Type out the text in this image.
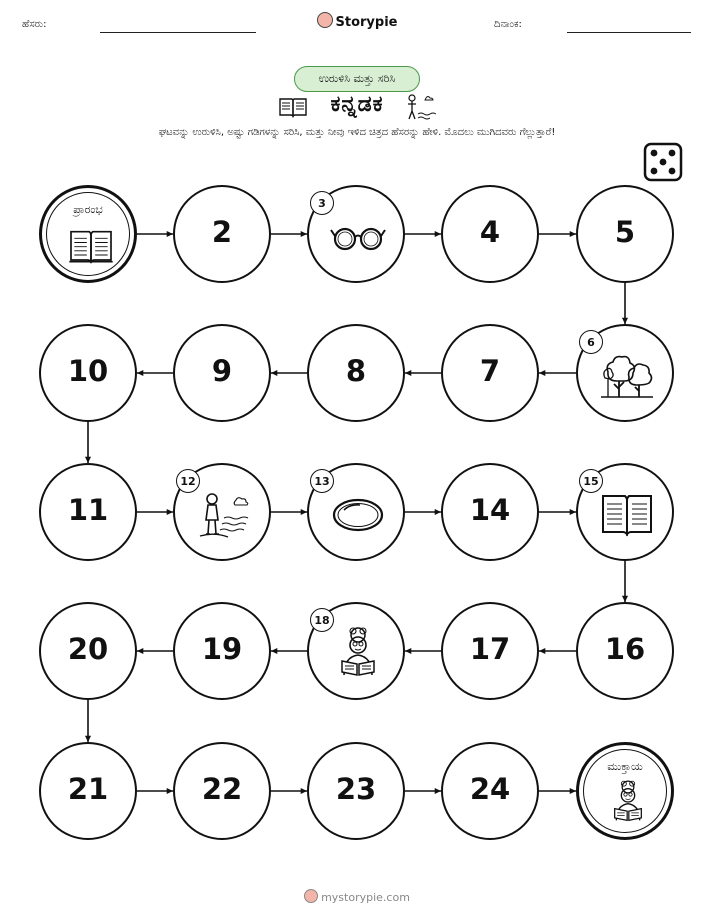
ಹೆಸರು:	ದಿನಾಂಕ:
Storypie
ಉರುಳಿಸಿ ಮತ್ತು ಸರಿಸಿ
ಕನ್ನಡಕ
ಘಟವನ್ನು ಉರುಳಿಸಿ, ಅಷ್ಟು ಗಡಿಗಳನ್ನು ಸರಿಸಿ, ಮತ್ತು ನೀವು ಇಳಿದ ಚಿತ್ರದ ಹೆಸರನ್ನು ಹೇಳಿ. ಮೊದಲು ಮುಗಿದವರು ಗೆಲ್ಲುತ್ತಾರೆ!
ಪ್ರಾರಂಭ
2
3
4	5
6
7
8
9
10
11
12	13
14
15
16
17
18
19
20
21	22	23	24
ಮುಕ್ತಾಯ
mystorypie.com
